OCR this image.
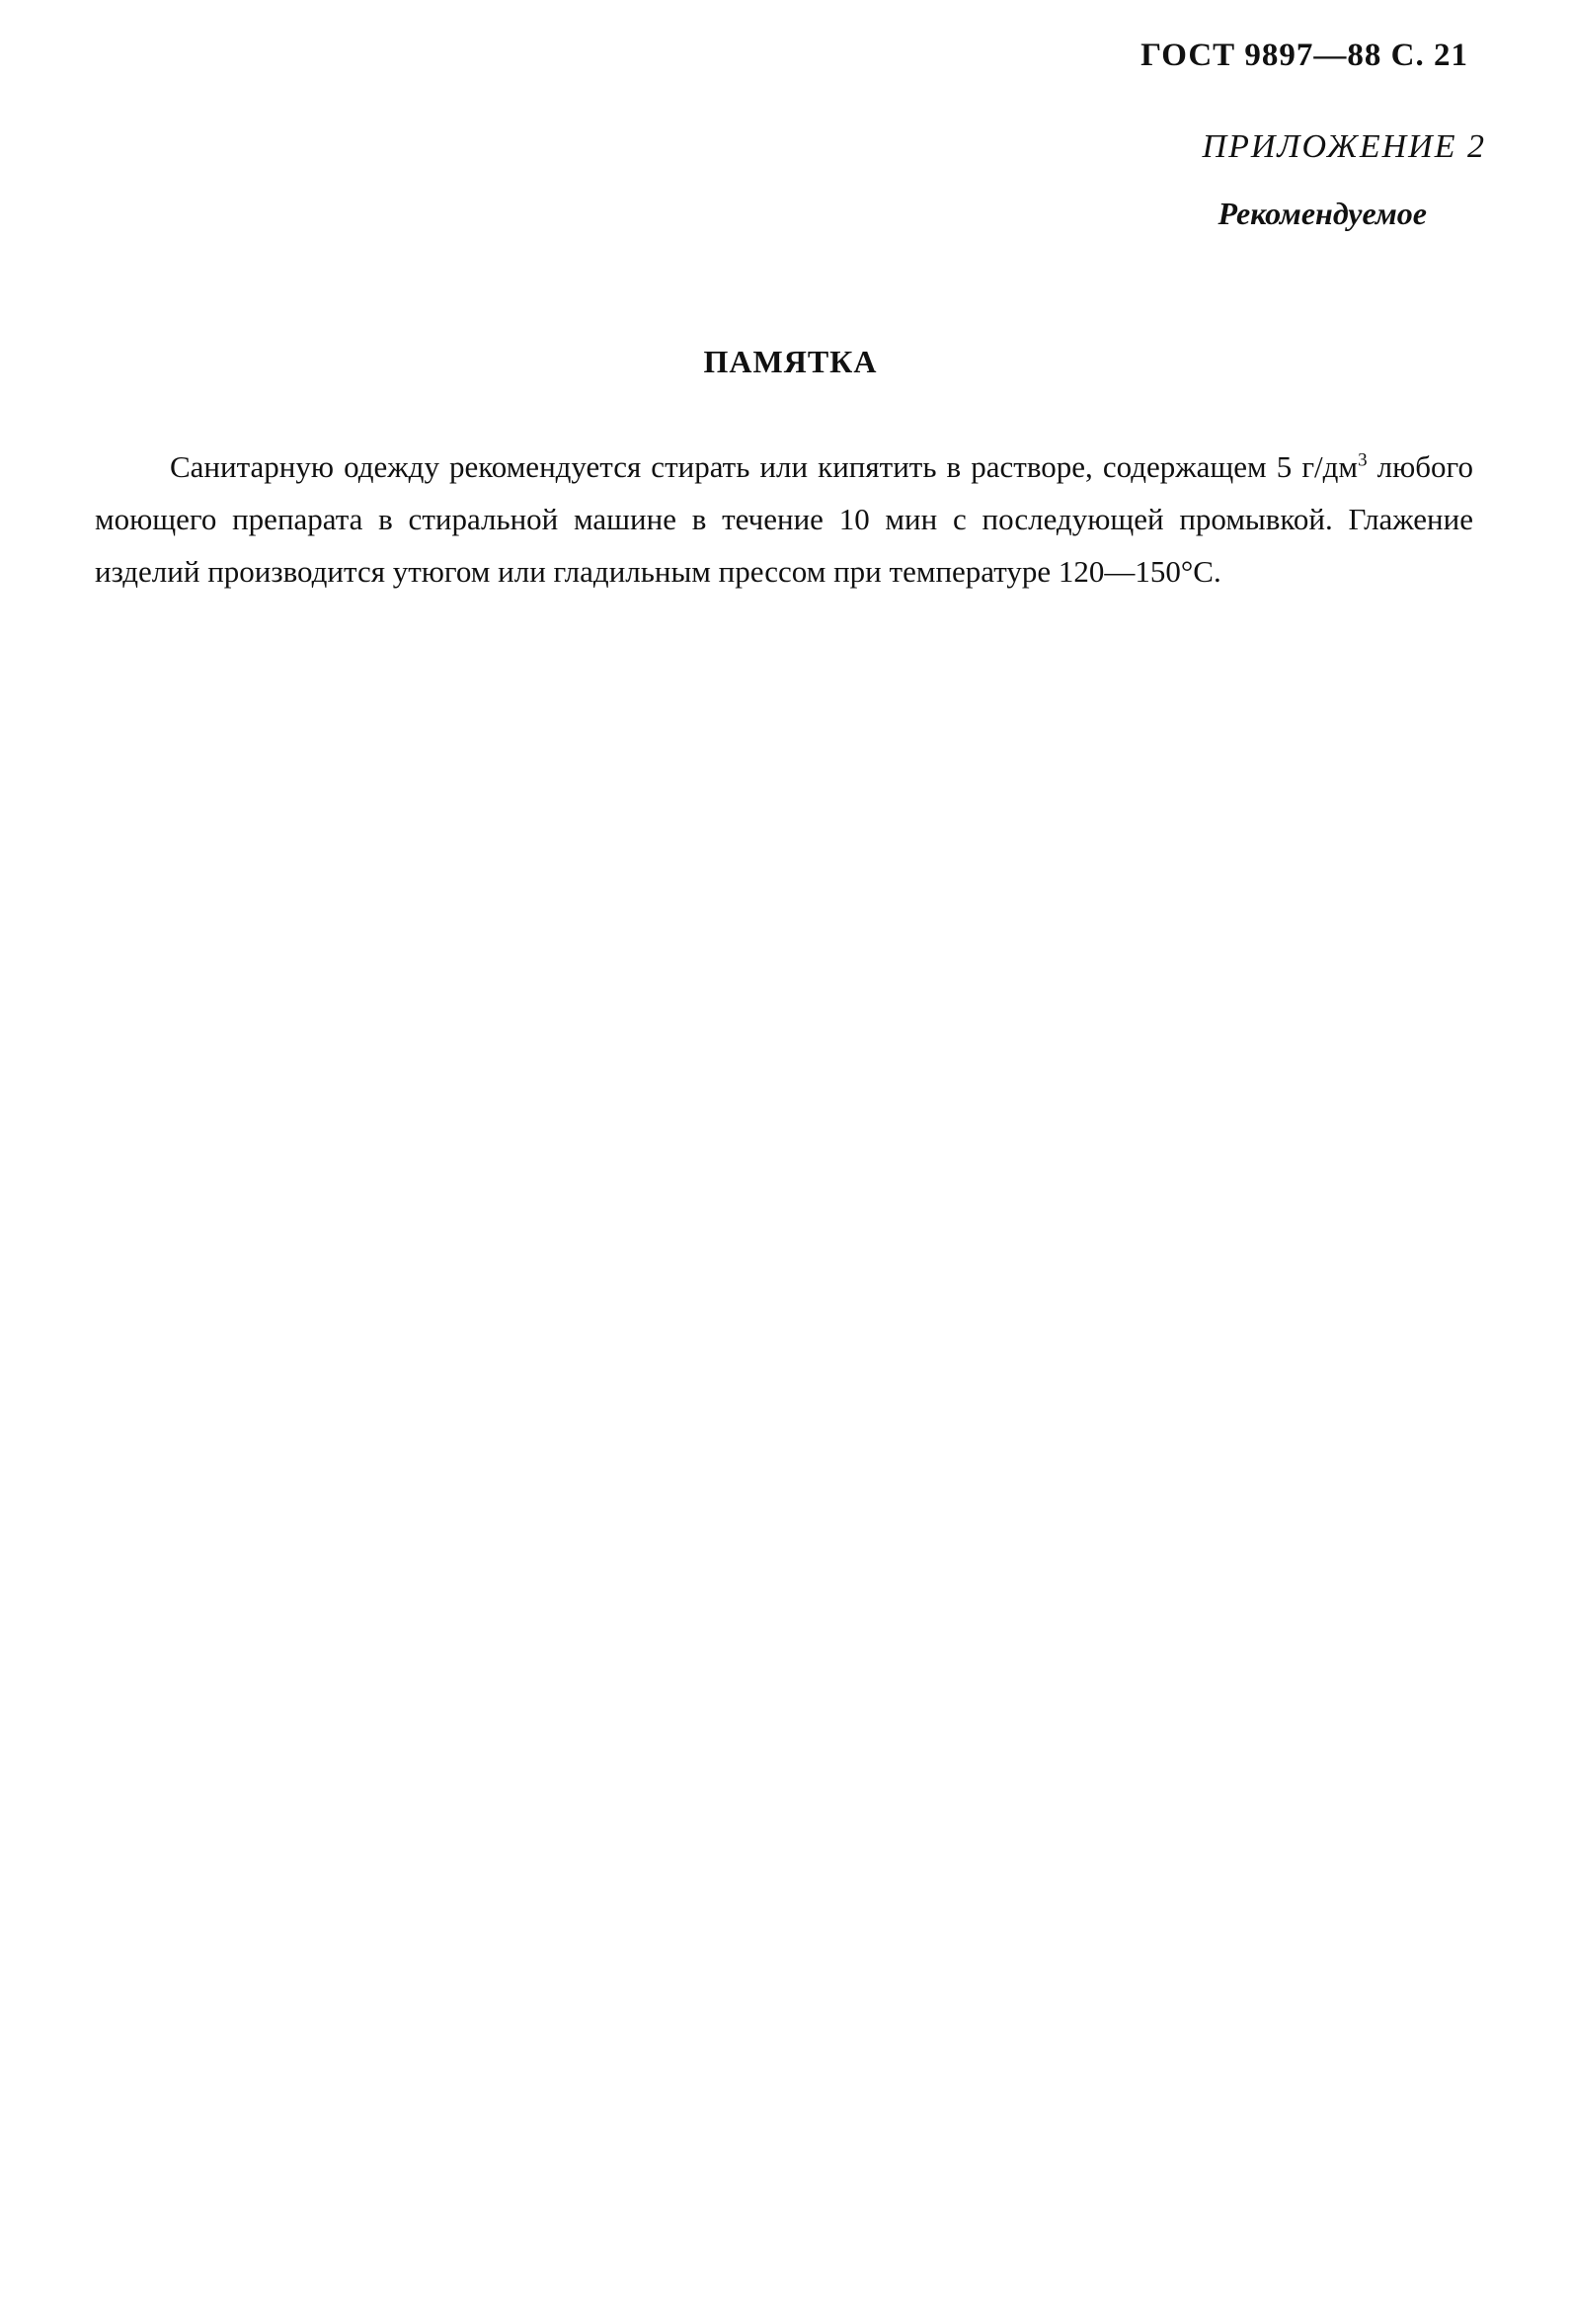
ГОСТ 9897—88 С. 21
ПРИЛОЖЕНИЕ 2
Рекомендуемое
ПАМЯТКА

Санитарную одежду рекомендуется стирать или кипятить в растворе, содержащем 5 $г/дм^3$ любого моющего препарата в стиральной машине в течение 10 мин с последующей промывкой. Глажение изделий производится утюгом или гладильным прессом при температуре 120—150°С.
